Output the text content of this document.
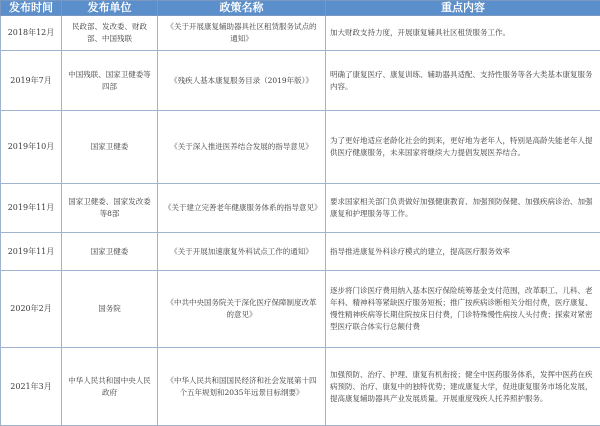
发布时间	发布单位	政策名称	重点内容
2018年12月	民政部、发改委、财政部、中国残联	《关于开展康复辅助器具社区租赁服务试点的通知》	加大财政支持力度，开展康复辅具社区租赁服务工作。
2019年7月	中国残联、国家卫健委等四部	《残疾人基本康复服务目录（2019年版）》	明确了康复医疗、康复训练、辅助器具适配、支持性服务等各大类基本康复服务内容。
2019年10月	国家卫健委	《关于深入推进医养结合发展的指导意见》	为了更好地适应老龄化社会的到来，更好地为老年人，特别是高龄失能老年人提供医疗健康服务，未来国家将继续大力提倡发展医养结合。
2019年11月	国家卫健委、国家发改委等8部	《关于建立完善老年健康服务体系的指导意见》	要求国家相关部门负责做好加强健康教育、加强预防保健、加强疾病诊治、加强康复和护理服务等工作。
2019年11月	国家卫健委	《关于开展加速康复外科试点工作的通知》	指导推进康复外科诊疗模式的建立，提高医疗服务效率
2020年2月	国务院	《中共中央国务院关于深化医疗保障制度改革的意见》	逐步将门诊医疗费用纳入基本医疗保险统筹基金支付范围，改革职工、儿科、老年科、精神科等紧缺医疗服务短板；推广按疾病诊断相关分组付费，医疗康复、慢性精神疾病等长期住院按床日付费，门诊特殊慢性病按人头付费；探索对紧密型医疗联合体实行总额付费
2021年3月	中华人民共和国中央人民政府	《中华人民共和国国民经济和社会发展第十四个五年规划和2035年远景目标纲要》	加强预防、治疗、护理、康复有机衔接；健全中医药服务体系，发挥中医药在疾病预防、治疗、康复中的独特优势；建成康复大学，促进康复服务市场化发展，提高康复辅助器具产业发展质量。开展重度残疾人托养照护服务。
